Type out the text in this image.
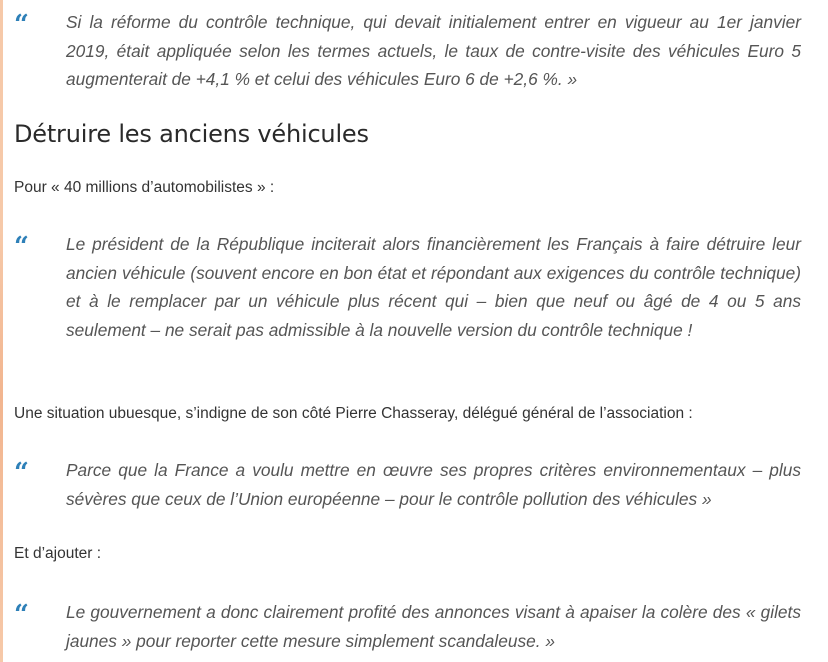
“ Si la réforme du contrôle technique, qui devait initialement entrer en vigueur au 1er janvier 2019, était appliquée selon les termes actuels, le taux de contre-visite des véhicules Euro 5 augmenterait de +4,1 % et celui des véhicules Euro 6 de +2,6 %. »

Détruire les anciens véhicules

Pour « 40 millions d’automobilistes » :

“ Le président de la République inciterait alors financièrement les Français à faire détruire leur ancien véhicule (souvent encore en bon état et répondant aux exigences du contrôle technique) et à le remplacer par un véhicule plus récent qui – bien que neuf ou âgé de 4 ou 5 ans seulement – ne serait pas admissible à la nouvelle version du contrôle technique !

Une situation ubuesque, s’indigne de son côté Pierre Chasseray, délégué général de l’association :

“ Parce que la France a voulu mettre en œuvre ses propres critères environnementaux – plus sévères que ceux de l’Union européenne – pour le contrôle pollution des véhicules »

Et d’ajouter :

“ Le gouvernement a donc clairement profité des annonces visant à apaiser la colère des « gilets jaunes » pour reporter cette mesure simplement scandaleuse. »
